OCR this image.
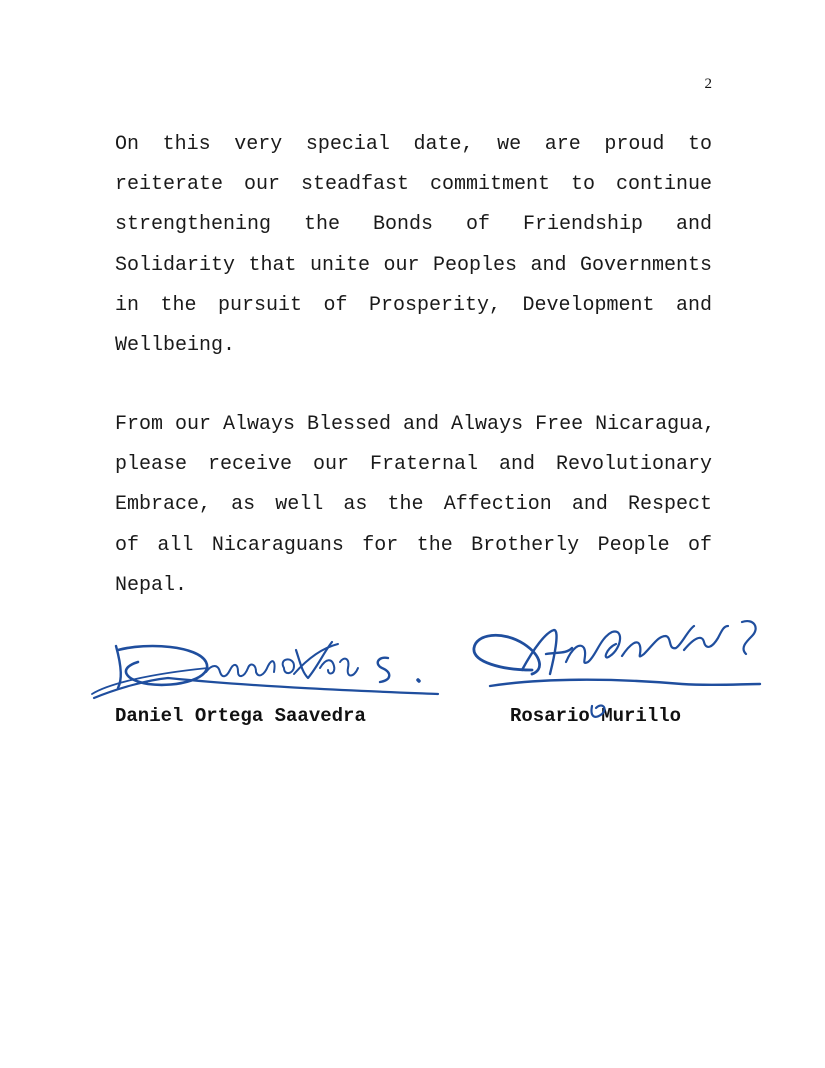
2

On this very special date, we are proud to
reiterate our steadfast commitment to continue
strengthening the Bonds of Friendship and
Solidarity that unite our Peoples and Governments
in the pursuit of Prosperity, Development and
Wellbeing.

From our Always Blessed and Always Free Nicaragua,
please receive our Fraternal and Revolutionary
Embrace, as well as the Affection and Respect
of all Nicaraguans for the Brotherly People of
Nepal.

Daniel Ortega Saavedra	Rosario Murillo
